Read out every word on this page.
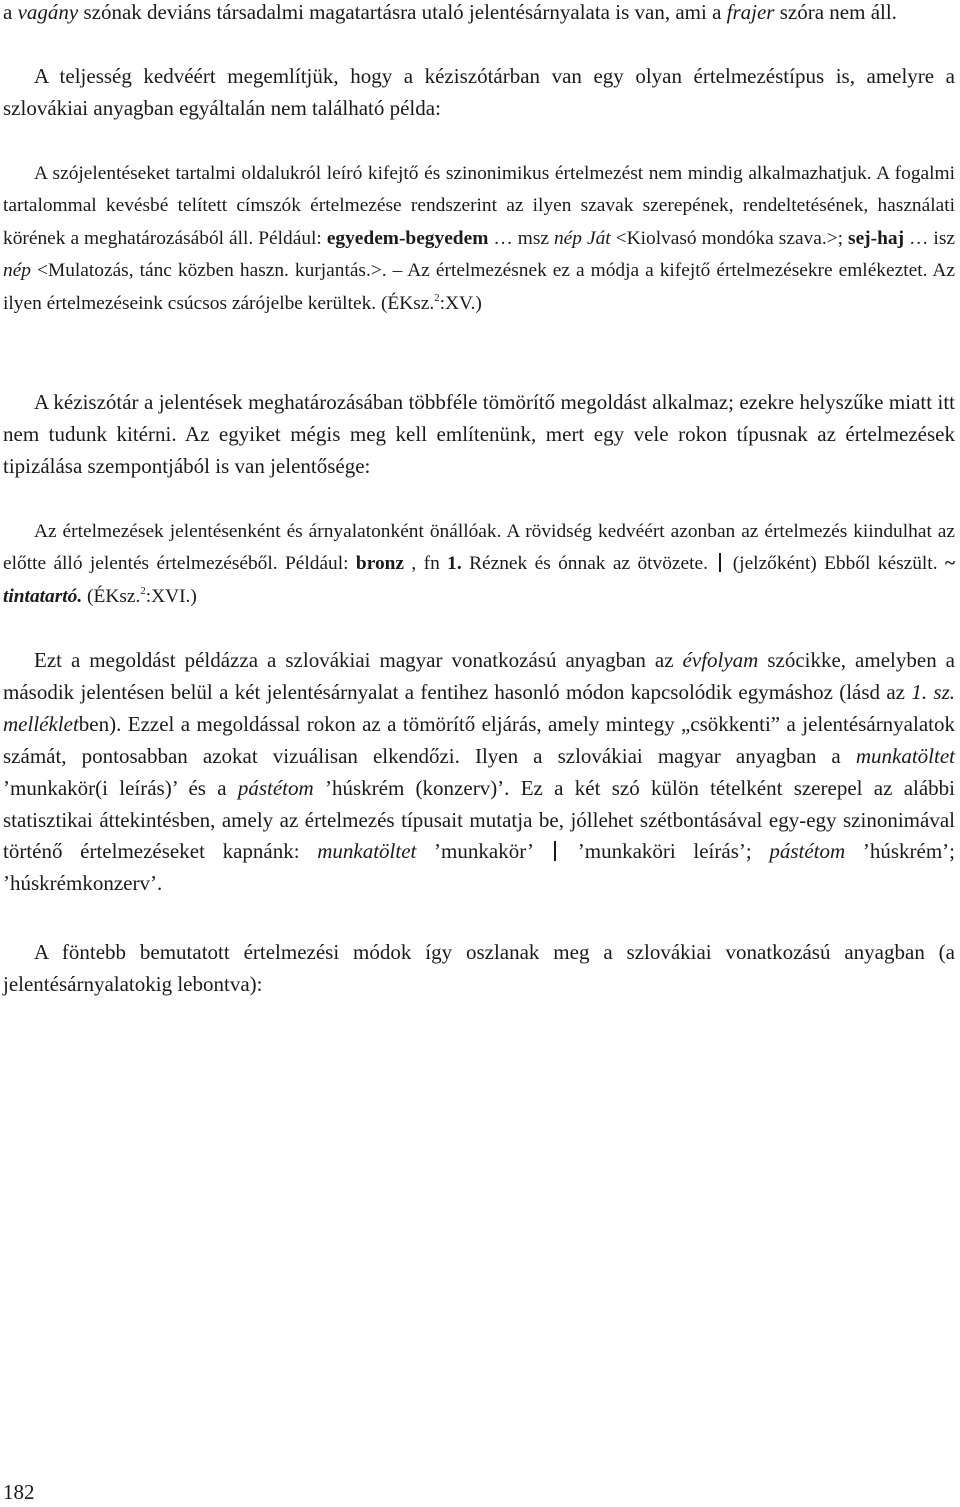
a vagány szónak deviáns társadalmi magatartásra utaló jelentésárnyalata is van, ami a frajer szóra nem áll.

A teljesség kedvéért megemlítjük, hogy a kéziszótárban van egy olyan értelmezéstípus is, amelyre a szlovákiai anyagban egyáltalán nem található példa:

A szójelentéseket tartalmi oldalukról leíró kifejtő és szinonimikus értelmezést nem mindig alkalmazhatjuk. A fogalmi tartalommal kevésbé telített címszók értelmezése rendszerint az ilyen szavak szerepének, rendeltetésének, használati körének a meghatározásából áll. Például: egyedem-begyedem … msz nép Ját <Kiolvasó mondóka szava.>; sej-haj … isz nép <Mulatozás, tánc közben haszn. kurjantás.>. – Az értelmezésnek ez a módja a kifejtő értelmezésekre emlékeztet. Az ilyen értelmezéseink csúcsos zárójelbe kerültek. (ÉKsz.$^2$:XV.)

A kéziszótár a jelentések meghatározásában többféle tömörítő megoldást alkalmaz; ezekre helyszűke miatt itt nem tudunk kitérni. Az egyiket mégis meg kell említenünk, mert egy vele rokon típusnak az értelmezések tipizálása szempontjából is van jelentősége:

Az értelmezések jelentésenként és árnyalatonként önállóak. A rövidség kedvéért azonban az értelmezés kiindulhat az előtte álló jelentés értelmezéséből. Például: bronz , fn 1. Réznek és ónnak az ötvözete.  (jelzőként) Ebből készült. ~ tintatartó. (ÉKsz.$^2$:XVI.)

Ezt a megoldást példázza a szlovákiai magyar vonatkozású anyagban az évfolyam szócikke, amelyben a második jelentésen belül a két jelentésárnyalat a fentihez hasonló módon kapcsolódik egymáshoz (lásd az 1. sz. mellékletben). Ezzel a megoldással rokon az a tömörítő eljárás, amely mintegy „csökkenti” a jelentésárnyalatok számát, pontosabban azokat vizuálisan elkendőzi. Ilyen a szlovákiai magyar anyagban a munkatöltet ’munkakör(i leírás)’ és a pástétom ’húskrém (konzerv)’. Ez a két szó külön tételként szerepel az alábbi statisztikai áttekintésben, amely az értelmezés típusait mutatja be, jóllehet szétbontásával egy-egy szinonimával történő értelmezéseket kapnánk: munkatöltet ’munkakör’  ’munkaköri leírás’; pástétom ’húskrém’; ’húskrémkonzerv’.

A föntebb bemutatott értelmezési módok így oszlanak meg a szlovákiai vonatkozású anyagban (a jelentésárnyalatokig lebontva):

182
